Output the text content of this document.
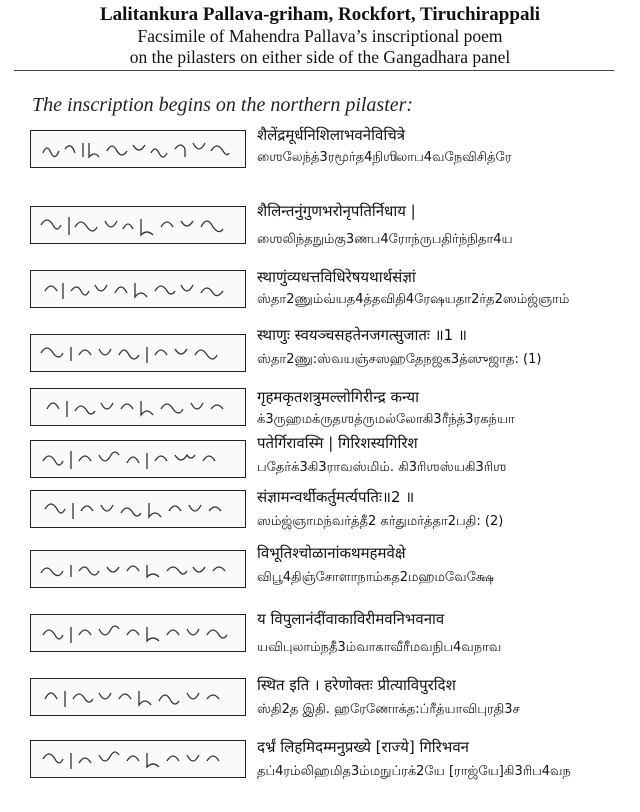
Lalitankura Pallava-griham, Rockfort, Tiruchirappali
Facsimile of Mahendra Pallava’s inscriptional poem
on the pilasters on either side of the Gangadhara panel
The inscription begins on the northern pilaster:
शैलेंद्रमूर्धनिशिलाभवनेविचित्रे
ஶைலேந்த்3ரமூர்த4நிஶிலாப4வநேவிசித்ரே
शैलिन्तनुंगुणभरोनृपतिर्निधाय |
ஶைலிந்தநும்கு3ணப4ரோந்ருபதிர்ந்நிதா4ய
स्थाणुंव्यधत्तविधिरेषयथार्थसंज्ञां
ஸ்தா2ணும்வ்யத4த்தவிதி4ரேஷயதா2ர்த2ஸம்ஜ்ஞாம்
स्थाणुः स्वयञ्चसहतेनजगत्सुजातः ॥1 ॥
ஸ்தா2ணு:ஸ்வயஞ்சஸஹதேநஜக3த்ஸுஜாத: (1)
गृहमकृतशत्रुमल्लोगिरीन्द्र कन्या
க்3ருஹமக்ருதஶத்ருமல்லோகி3ரீந்த்3ரகந்யா
पतेर्गिरावस्मि | गिरिशस्यगिरिश
பதேர்க்3கி3ராவஸ்மிம். கி3ரிஶஸ்யகி3ரிஶ
संज्ञामन्वर्थीकर्तुमर्त्यपतिः॥2 ॥
ஸம்ஜ்ஞாமந்வர்த்தீ2 கர்துமர்த்தா2பதி: (2)
विभूतिश्चोळानांकथमहमवेक्षे
விபூ4திஞ்சோளாநாம்கத2மஹமவேக்ஷே
य विपुलानंदींवाकाविरीमवनिभवनाव
யவிபுலாம்நதீ3ம்வாகாவீரீமவநிப4வநாவ
स्थित इति । हरेणोक्तः प्रीत्याविपुरदिश
ஸ்தி2த இதி. ஹரேணோக்த:ப்ரீத்யாவிபுரதி3ச
दर्भ्रं लिहमिदम्मनुप्रख्ये [राज्ये] गिरिभवन
தப்4ரம்லிஹமித3ம்மநுப்ரக்2யே [ராஜ்யே]கி3ரிப4வந
